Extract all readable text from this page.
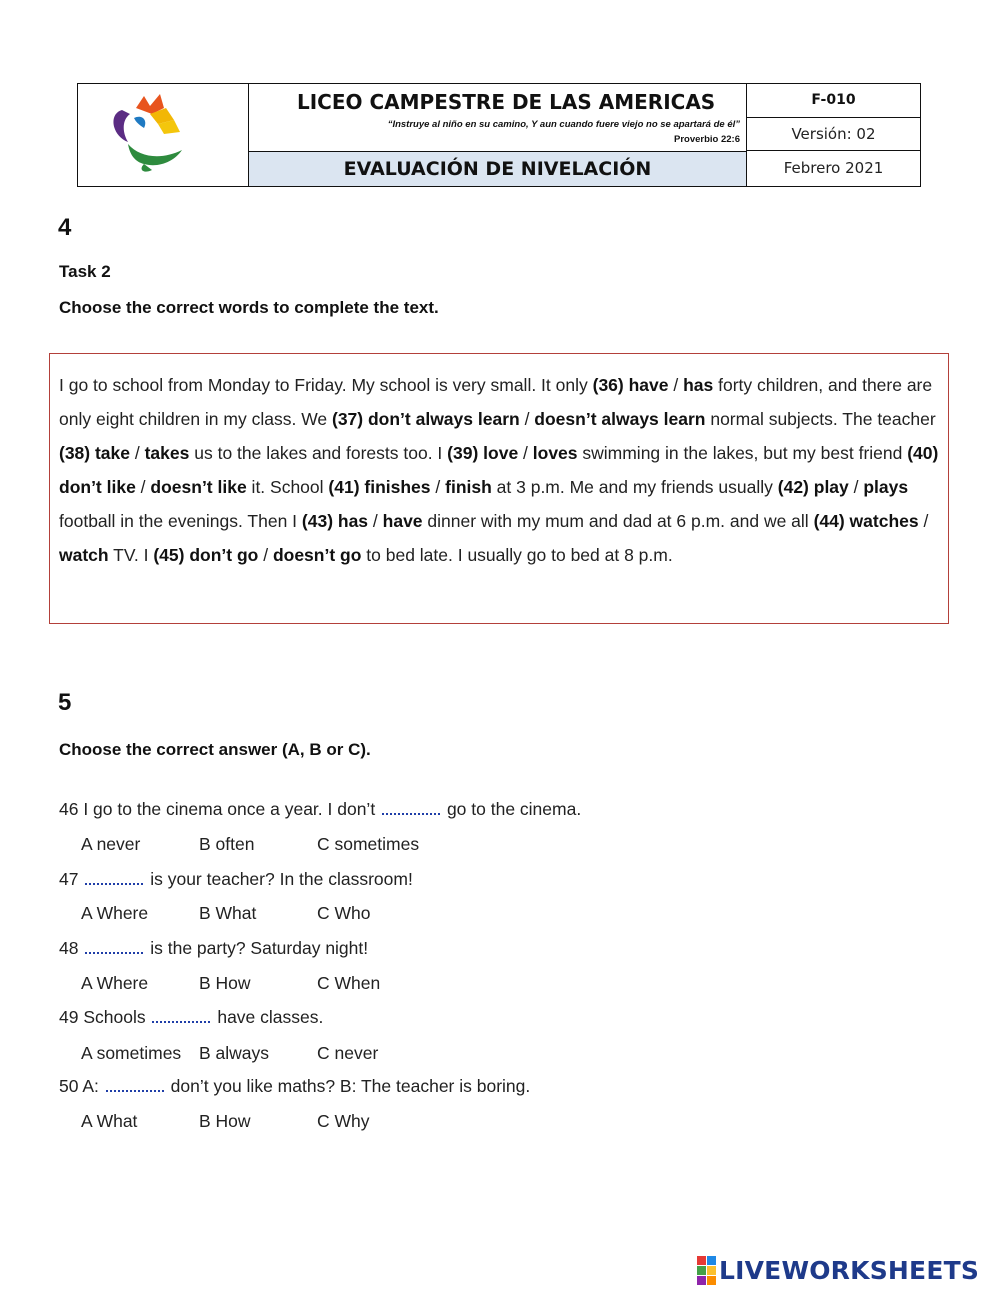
LICEO CAMPESTRE DE LAS AMERICAS
“Instruye al niño en su camino, Y aun cuando fuere viejo no se apartará de él”
Proverbio 22:6
F-010
Versión: 02
EVALUACIÓN DE NIVELACIÓN	Febrero 2021
4
Task 2
Choose the correct words to complete the text.
I go to school from Monday to Friday. My school is very small. It only (36) have / has forty children, and there are only eight children in my class. We (37) don’t always learn / doesn’t always learn normal subjects. The teacher (38) take / takes us to the lakes and forests too. I (39) love / loves swimming in the lakes, but my best friend (40) don’t like / doesn’t like it. School (41) finishes / finish at 3 p.m. Me and my friends usually (42) play / plays football in the evenings. Then I (43) has / have dinner with my mum and dad at 6 p.m. and we all (44) watches / watch TV. I (45) don’t go / doesn’t go to bed late. I usually go to bed at 8 p.m.
5
Choose the correct answer (A, B or C).
46 I go to the cinema once a year. I don’t	go to the cinema.
A never	B often	C sometimes
47	is your teacher? In the classroom!
A Where	B What	C Who
48	is the party? Saturday night!
A Where	B How	C When
49 Schools	have classes.
A sometimes B always	C never
50 A:	don’t you like maths? B: The teacher is boring.
A What	B How	C Why
LIVEWORKSHEETS
